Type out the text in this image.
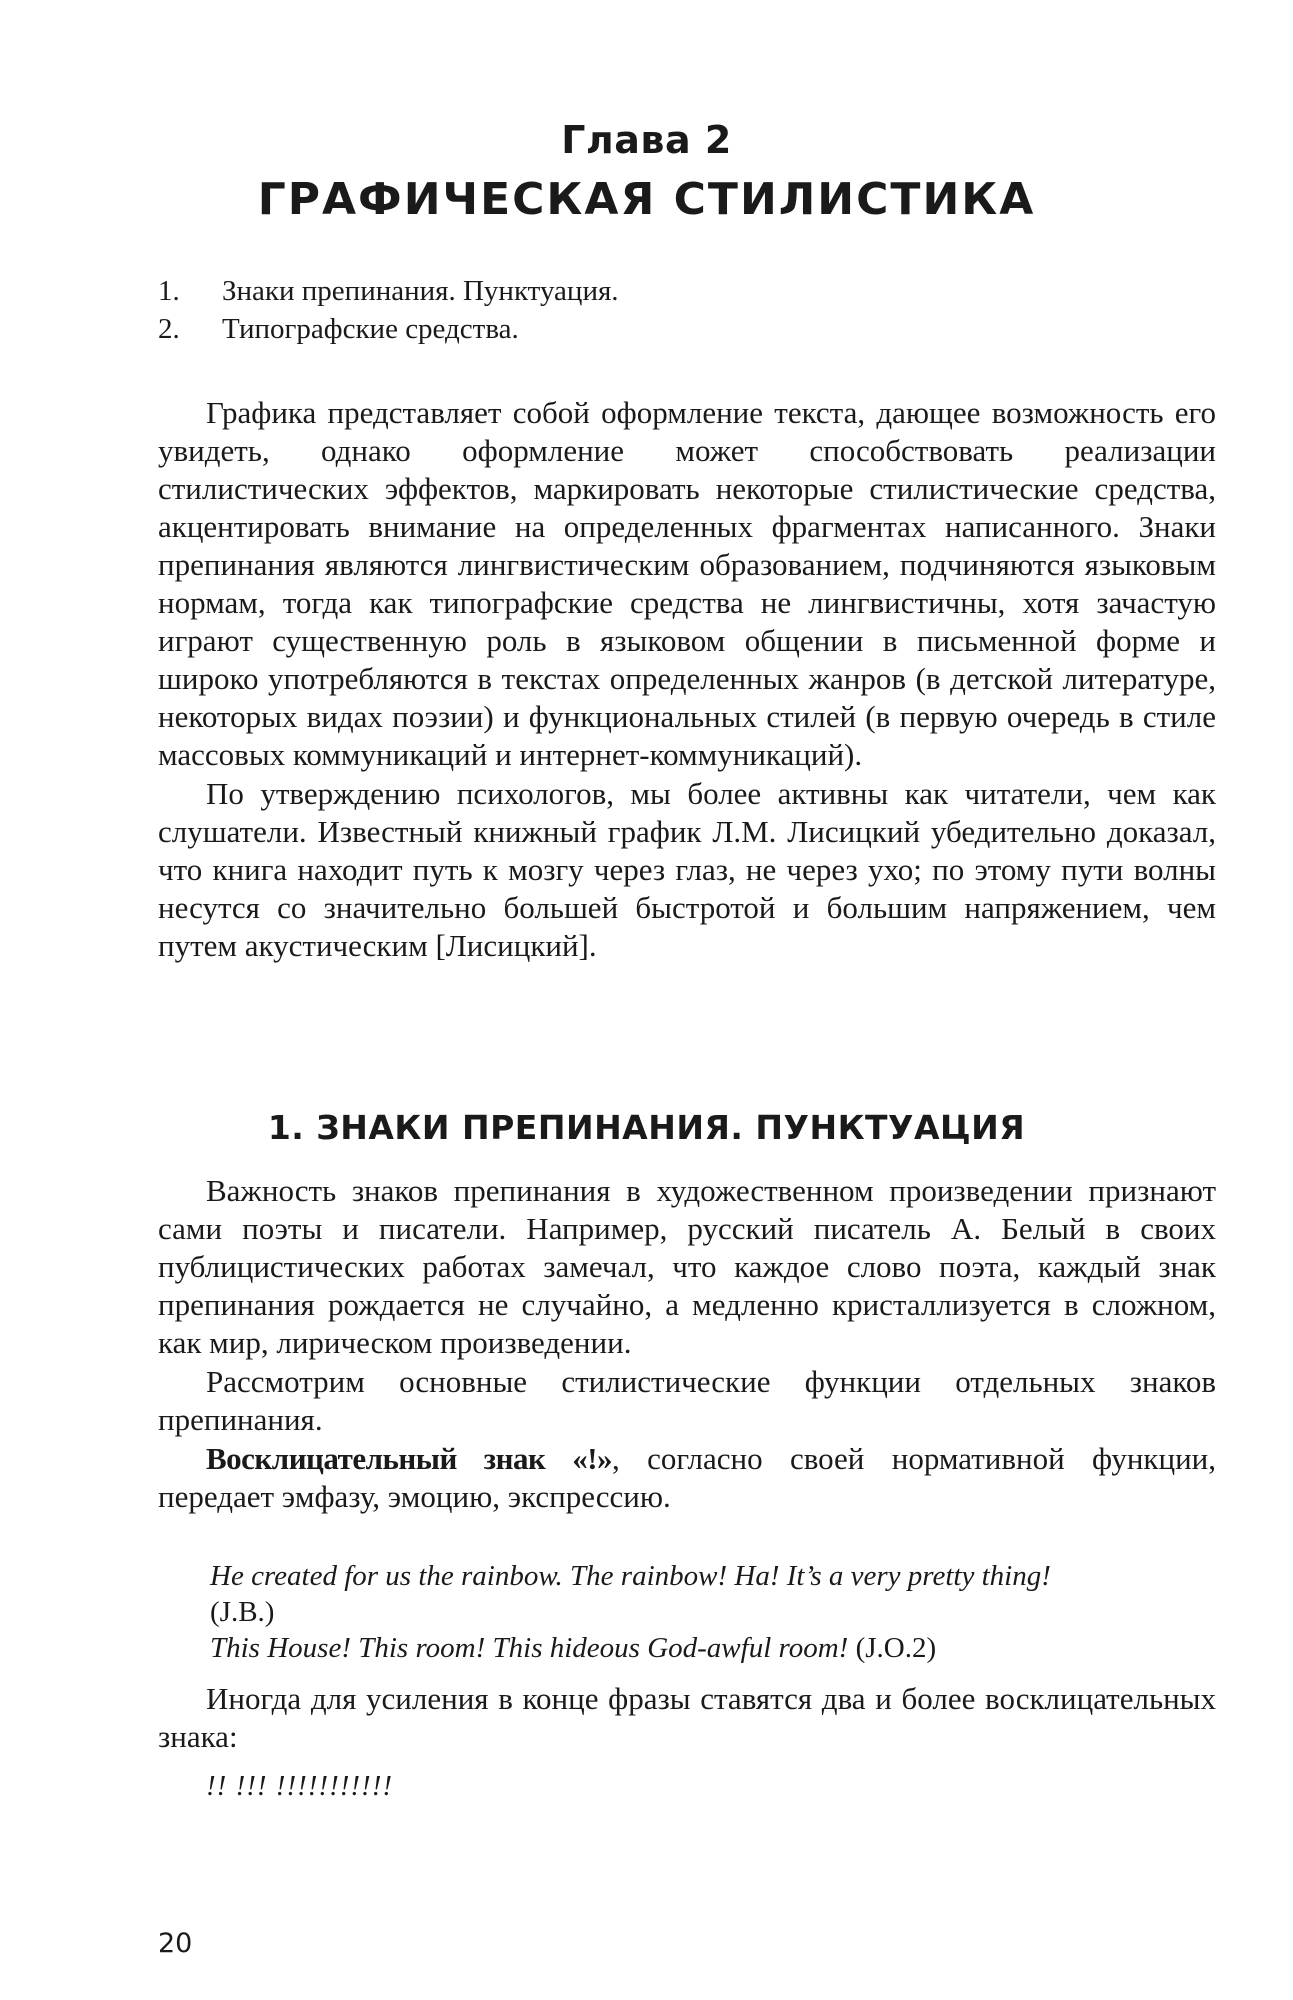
Глава 2
ГРАФИЧЕСКАЯ СТИЛИСТИКА
1.	Знаки препинания. Пунктуация.
2.	Типографские средства.

Графика представляет собой оформление текста, дающее возможность его увидеть, однако оформление может способствовать реализации стилистических эффектов, маркировать некоторые стилистические средства, акцентировать внимание на определенных фрагментах написанного. Знаки препинания являются лингвистическим образованием, подчиняются языковым нормам, тогда как типографские средства не лингвистичны, хотя зачастую играют существенную роль в языковом общении в письменной форме и широко употребляются в текстах определенных жанров (в детской литературе, некоторых видах поэзии) и функциональных стилей (в первую очередь в стиле массовых коммуникаций и интернет-коммуникаций).

По утверждению психологов, мы более активны как читатели, чем как слушатели. Известный книжный график Л.М. Лисицкий убедительно доказал, что книга находит путь к мозгу через глаз, не через ухо; по этому пути волны несутся со значительно большей быстротой и большим напряжением, чем путем акустическим [Лисицкий].

1. ЗНАКИ ПРЕПИНАНИЯ. ПУНКТУАЦИЯ

Важность знаков препинания в художественном произведении признают сами поэты и писатели. Например, русский писатель А. Белый в своих публицистических работах замечал, что каждое слово поэта, каждый знак препинания рождается не случайно, а медленно кристаллизуется в сложном, как мир, лирическом произведении.

Рассмотрим основные стилистические функции отдельных знаков препинания.

Восклицательный знак «!», согласно своей нормативной функции, передает эмфазу, эмоцию, экспрессию.

He created for us the rainbow. The rainbow! Ha! It’s a very pretty thing!
(J.B.)
This House! This room! This hideous God-awful room! (J.O.2)

Иногда для усиления в конце фразы ставятся два и более восклицательных знака:

!! !!! !!!!!!!!!!!
20
